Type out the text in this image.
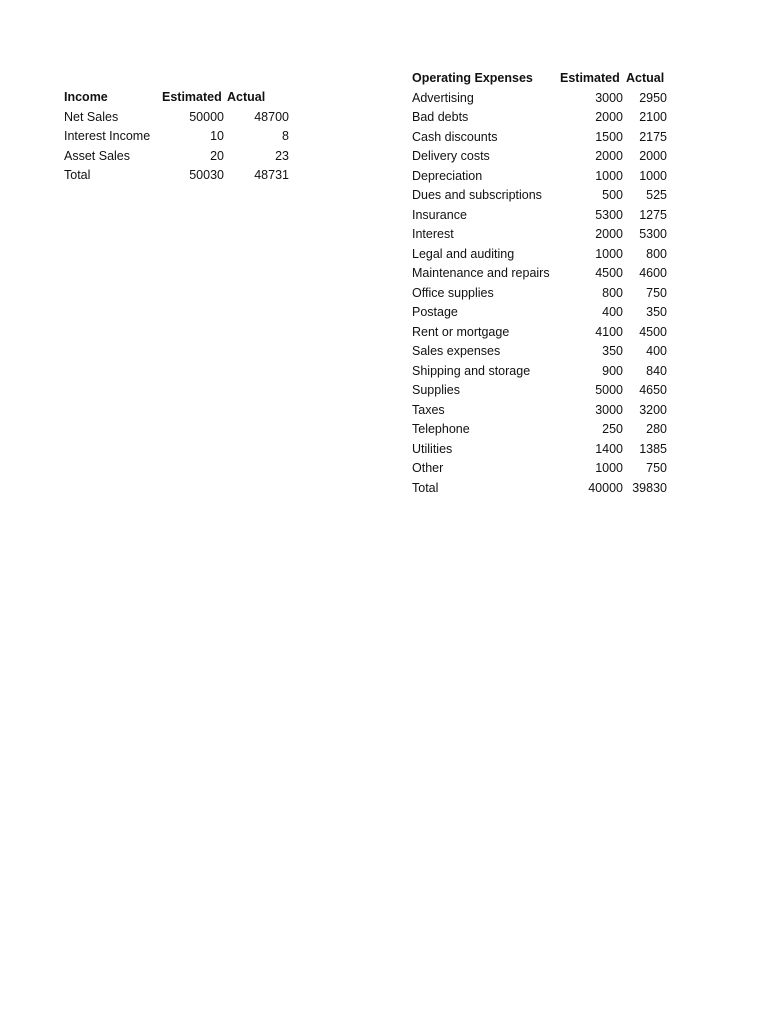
Income	Estimated Actual
Net Sales	50000	48700
Interest Income	10	8
Asset Sales	20	23
Total	50030	48731
Operating Expenses	Estimated Actual
Advertising	3000	2950
Bad debts	2000	2100
Cash discounts	1500	2175
Delivery costs	2000	2000
Depreciation	1000	1000
Dues and subscriptions	500	525
Insurance	5300	1275
Interest	2000	5300
Legal and auditing	1000	800
Maintenance and repairs	4500	4600
Office supplies	800	750
Postage	400	350
Rent or mortgage	4100	4500
Sales expenses	350	400
Shipping and storage	900	840
Supplies	5000	4650
Taxes	3000	3200
Telephone	250	280
Utilities	1400	1385
Other	1000	750
Total	40000 39830
